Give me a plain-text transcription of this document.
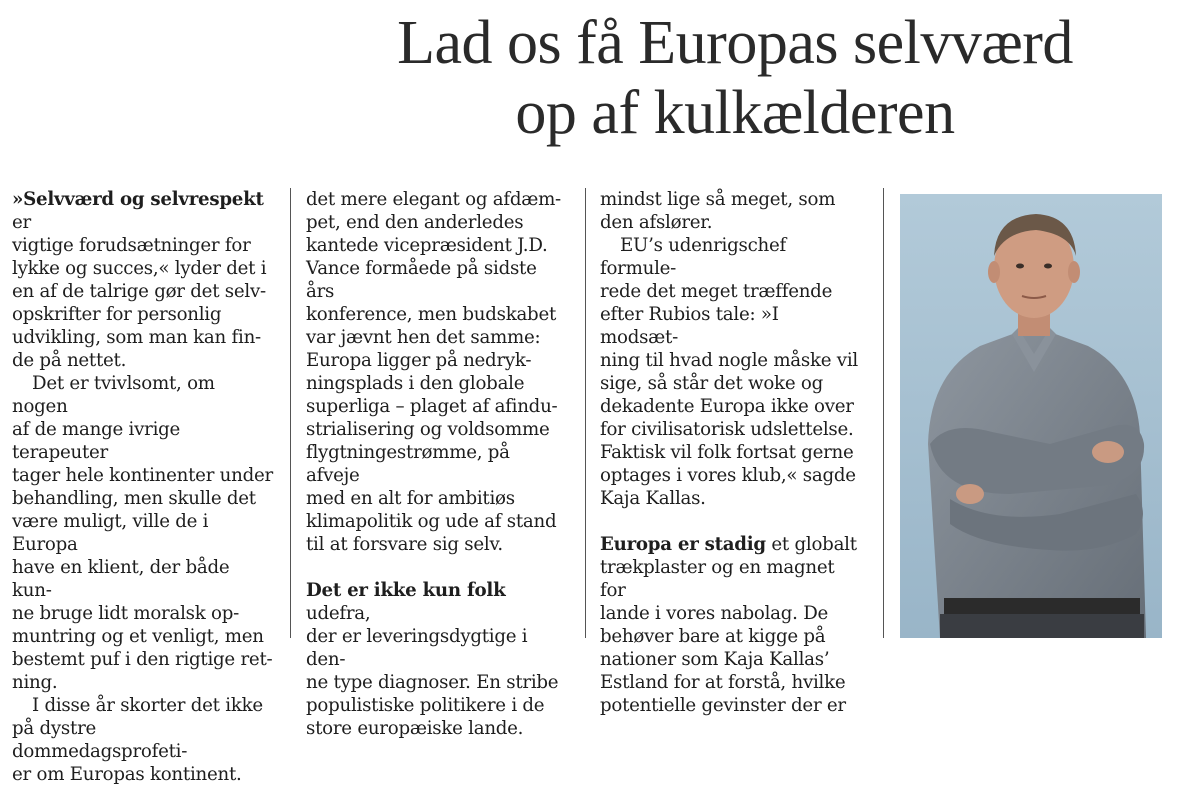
Lad os få Europas selvværd
op af kulkælderen

»Selvværd og selvrespekt er
vigtige forudsætninger for
lykke og succes,« lyder det i
en af de talrige gør det selv-
opskrifter for personlig
udvikling, som man kan fin-
de på nettet.

Det er tvivlsomt, om nogen
af de mange ivrige terapeuter
tager hele kontinenter under
behandling, men skulle det
være muligt, ville de i Europa
have en klient, der både kun-
ne bruge lidt moralsk op-
muntring og et venligt, men
bestemt puf i den rigtige ret-
ning.

I disse år skorter det ikke
på dystre dommedagsprofeti-
er om Europas kontinent.

det mere elegant og afdæm-
pet, end den anderledes
kantede vicepræsident J.D.
Vance formåede på sidste års
konference, men budskabet
var jævnt hen det samme:
Europa ligger på nedryk-
ningsplads i den globale
superliga – plaget af afindu-
strialisering og voldsomme
flygtningestrømme, på afveje
med en alt for ambitiøs
klimapolitik og ude af stand
til at forsvare sig selv.

Det er ikke kun folk udefra,
der er leveringsdygtige i den-
ne type diagnoser. En stribe
populistiske politikere i de
store europæiske lande.

mindst lige så meget, som
den afslører.

EU’s udenrigschef formule-
rede det meget træffende
efter Rubios tale: »I modsæt-
ning til hvad nogle måske vil
sige, så står det woke og
dekadente Europa ikke over
for civilisatorisk udslettelse.
Faktisk vil folk fortsat gerne
optages i vores klub,« sagde
Kaja Kallas.

Europa er stadig et globalt
trækplaster og en magnet for
lande i vores nabolag. De
behøver bare at kigge på
nationer som Kaja Kallas’
Estland for at forstå, hvilke
potentielle gevinster der er
